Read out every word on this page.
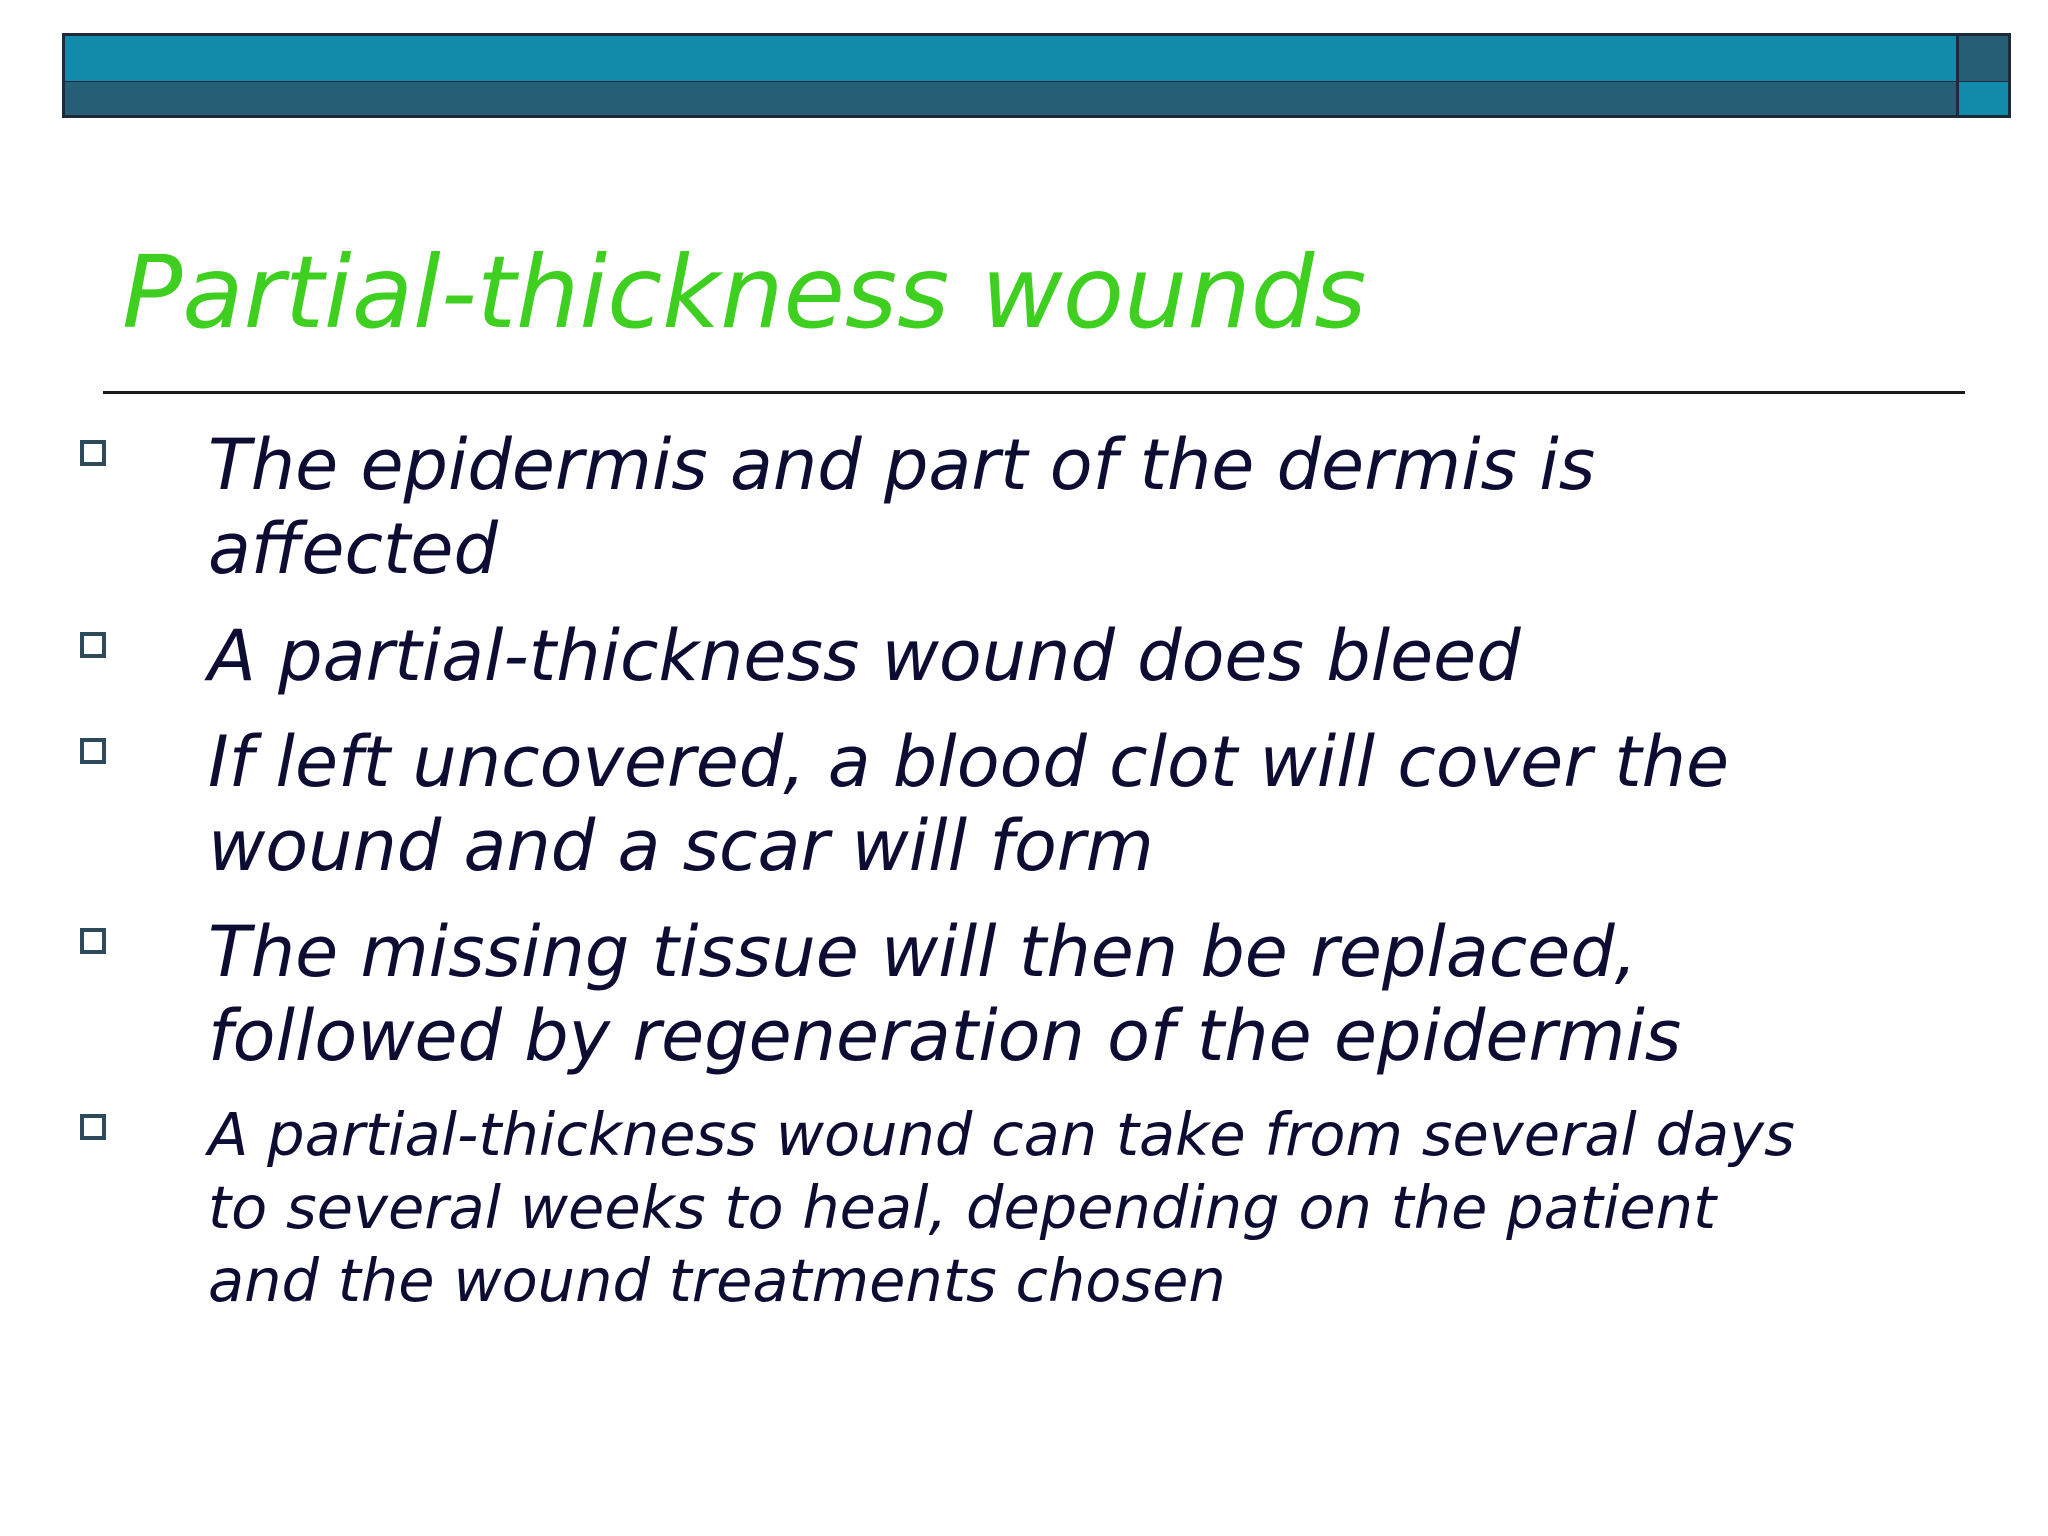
Partial-thickness wounds

The epidermis and part of the dermis is
affected

A partial-thickness wound does bleed

If left uncovered, a blood clot will cover the
wound and a scar will form

The missing tissue will then be replaced,
followed by regeneration of the epidermis

A partial-thickness wound can take from several days
to several weeks to heal, depending on the patient
and the wound treatments chosen
